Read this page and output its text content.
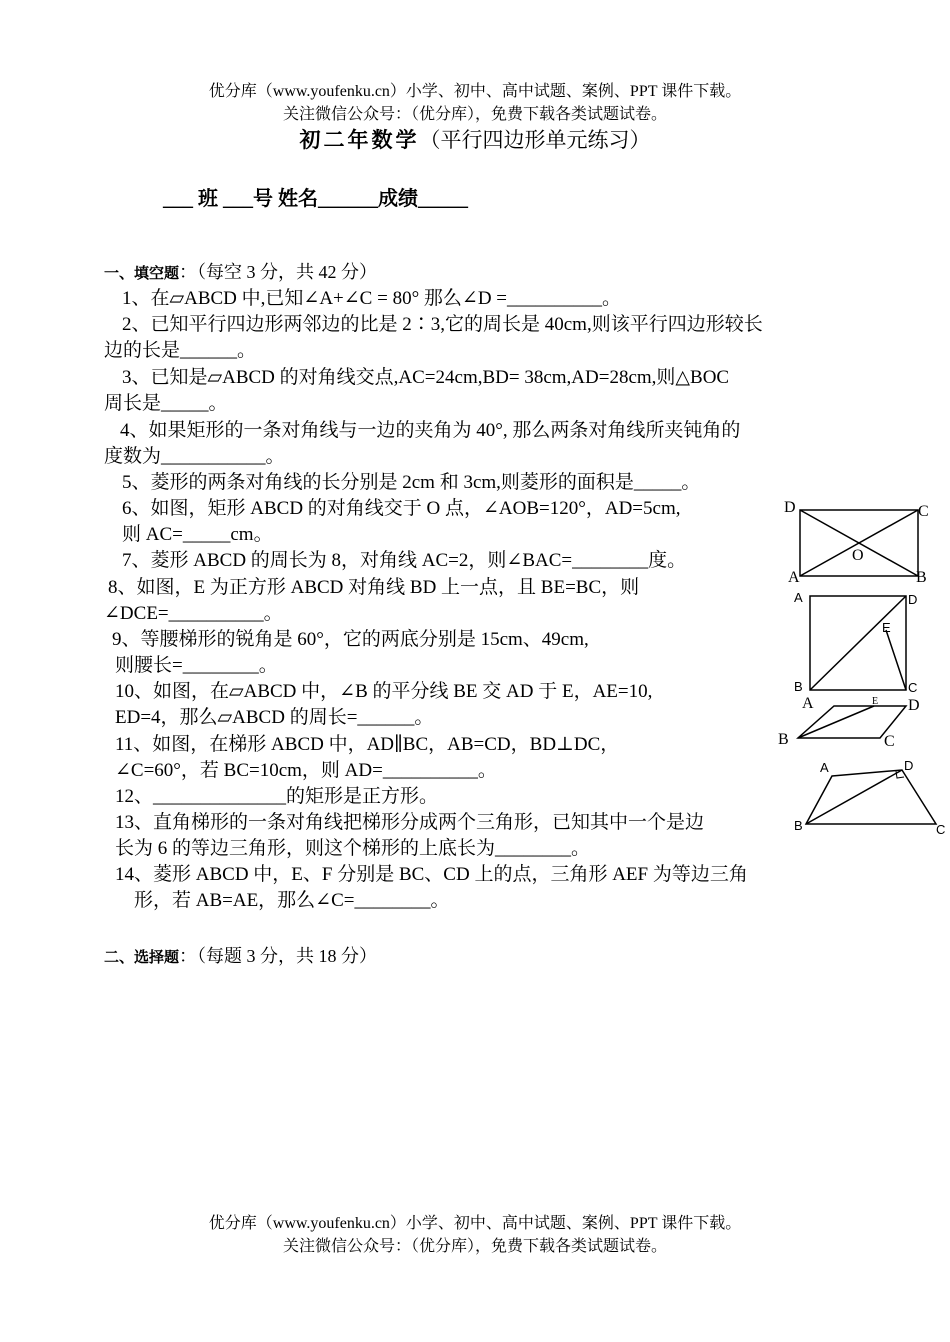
优分库（www.youfenku.cn）小学、初中、高中试题、案例、PPT 课件下载。
关注微信公众号：（优分库），免费下载各类试题试卷。
初二年数学（平行四边形单元练习）
___ 班 ___号 姓名______成绩_____
一、填空题：（每空 3 分，共 42 分）
1、在▱ABCD 中,已知∠A+∠C = 80° 那么∠D =__________。
2、已知平行四边形两邻边的比是 2∶3,它的周长是 40cm,则该平行四边形较长
边的长是______。
3、已知是▱ABCD 的对角线交点,AC=24cm,BD= 38cm,AD=28cm,则△BOC
周长是_____。
4、如果矩形的一条对角线与一边的夹角为 40°, 那么两条对角线所夹钝角的
度数为___________。
5、菱形的两条对角线的长分别是 2cm 和 3cm,则菱形的面积是_____。
6、如图，矩形 ABCD 的对角线交于 O 点，∠AOB=120°，AD=5cm,
则 AC=_____cm。
7、菱形 ABCD 的周长为 8，对角线 AC=2，则∠BAC=________度。
8、如图，E 为正方形 ABCD 对角线 BD 上一点，且 BE=BC，则
∠DCE=__________。
9、等腰梯形的锐角是 60°，它的两底分别是 15cm、49cm,
则腰长=________。
10、如图，在▱ABCD 中，∠B 的平分线 BE 交 AD 于 E，AE=10,
ED=4，那么▱ABCD 的周长=______。
11、如图，在梯形 ABCD 中，AD∥BC，AB=CD，BD⊥DC，
∠C=60°，若 BC=10cm，则 AD=__________。
12、______________的矩形是正方形。
13、直角梯形的一条对角线把梯形分成两个三角形，已知其中一个是边
长为 6 的等边三角形，则这个梯形的上底长为________。
14、菱形 ABCD 中，E、F 分别是 BC、CD 上的点，三角形 AEF 为等边三角
形，若 AB=AE，那么∠C=________。
二、选择题：（每题 3 分，共 18 分）
D	C
O
A	B
A	D
E
B	C
A	E D
B	C
A	D
B	C
优分库（www.youfenku.cn）小学、初中、高中试题、案例、PPT 课件下载。
关注微信公众号：（优分库），免费下载各类试题试卷。
